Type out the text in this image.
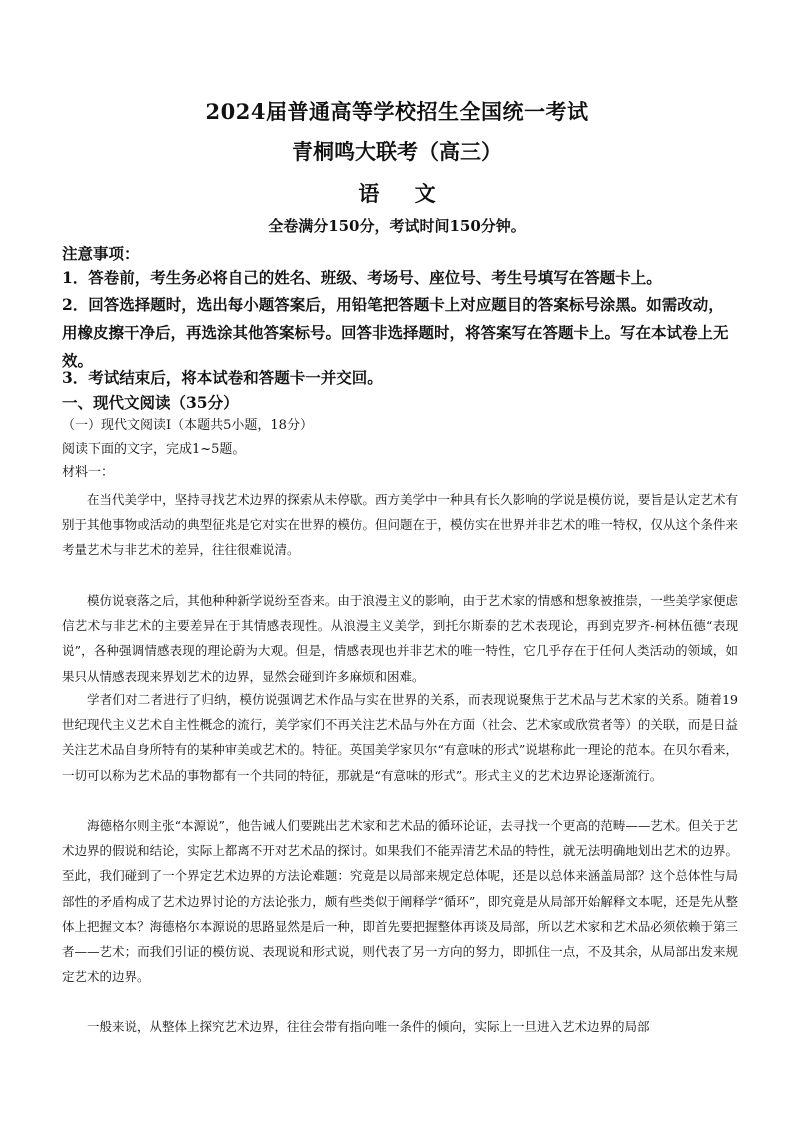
2024届普通高等学校招生全国统一考试
青桐鸣大联考（高三）
语 文
全卷满分150分，考试时间150分钟。
注意事项：
1．答卷前，考生务必将自己的姓名、班级、考场号、座位号、考生号填写在答题卡上。
2．回答选择题时，选出每小题答案后，用铅笔把答题卡上对应题目的答案标号涂黑。如需改动，用橡皮擦干净后，再选涂其他答案标号。回答非选择题时，将答案写在答题卡上。写在本试卷上无效。
3．考试结束后，将本试卷和答题卡一并交回。
一、现代文阅读（35分）
（一）现代文阅读Ⅰ（本题共5小题，18分）
阅读下面的文字，完成1~5题。
材料一：

在当代美学中，坚持寻找艺术边界的探索从未停歇。西方美学中一种具有长久影响的学说是模仿说，要旨是认定艺术有别于其他事物或活动的典型征兆是它对实在世界的模仿。但问题在于，模仿实在世界并非艺术的唯一特权，仅从这个条件来考量艺术与非艺术的差异，往往很难说清。

模仿说衰落之后，其他种种新学说纷至沓来。由于浪漫主义的影响，由于艺术家的情感和想象被推崇，一些美学家便虑信艺术与非艺术的主要差异在于其情感表现性。从浪漫主义美学，到托尔斯泰的艺术表现论，再到克罗齐-柯林伍德“表现说”，各种强调情感表现的理论蔚为大观。但是，情感表现也并非艺术的唯一特性，它几乎存在于任何人类活动的领域，如果只从情感表现来界划艺术的边界，显然会碰到许多麻烦和困难。

学者们对二者进行了归纳，模仿说强调艺术作品与实在世界的关系，而表现说聚焦于艺术品与艺术家的关系。随着19世纪现代主义艺术自主性概念的流行，美学家们不再关注艺术品与外在方面（社会、艺术家或欣赏者等）的关联，而是日益关注艺术品自身所特有的某种审美或艺术的。特征。英国美学家贝尔“有意味的形式”说堪称此一理论的范本。在贝尔看来，一切可以称为艺术品的事物都有一个共同的特征，那就是“有意味的形式”。形式主义的艺术边界论逐渐流行。

海德格尔则主张“本源说”，他告诫人们要跳出艺术家和艺术品的循环论证，去寻找一个更高的范畴——艺术。但关于艺术边界的假说和结论，实际上都离不开对艺术品的探讨。如果我们不能弄清艺术品的特性，就无法明确地划出艺术的边界。至此，我们碰到了一个界定艺术边界的方法论难题：究竟是以局部来规定总体呢，还是以总体来涵盖局部？这个总体性与局部性的矛盾构成了艺术边界讨论的方法论张力，颇有些类似于阐释学“循环”，即究竟是从局部开始解释文本呢，还是先从整体上把握文本？海德格尔本源说的思路显然是后一种，即首先要把握整体再谈及局部，所以艺术家和艺术品必须依赖于第三者——艺术；而我们引证的模仿说、表现说和形式说，则代表了另一方向的努力，即抓住一点，不及其余，从局部出发来规定艺术的边界。

一般来说，从整体上探究艺术边界，往往会带有指向唯一条件的倾向，实际上一旦进入艺术边界的局部
